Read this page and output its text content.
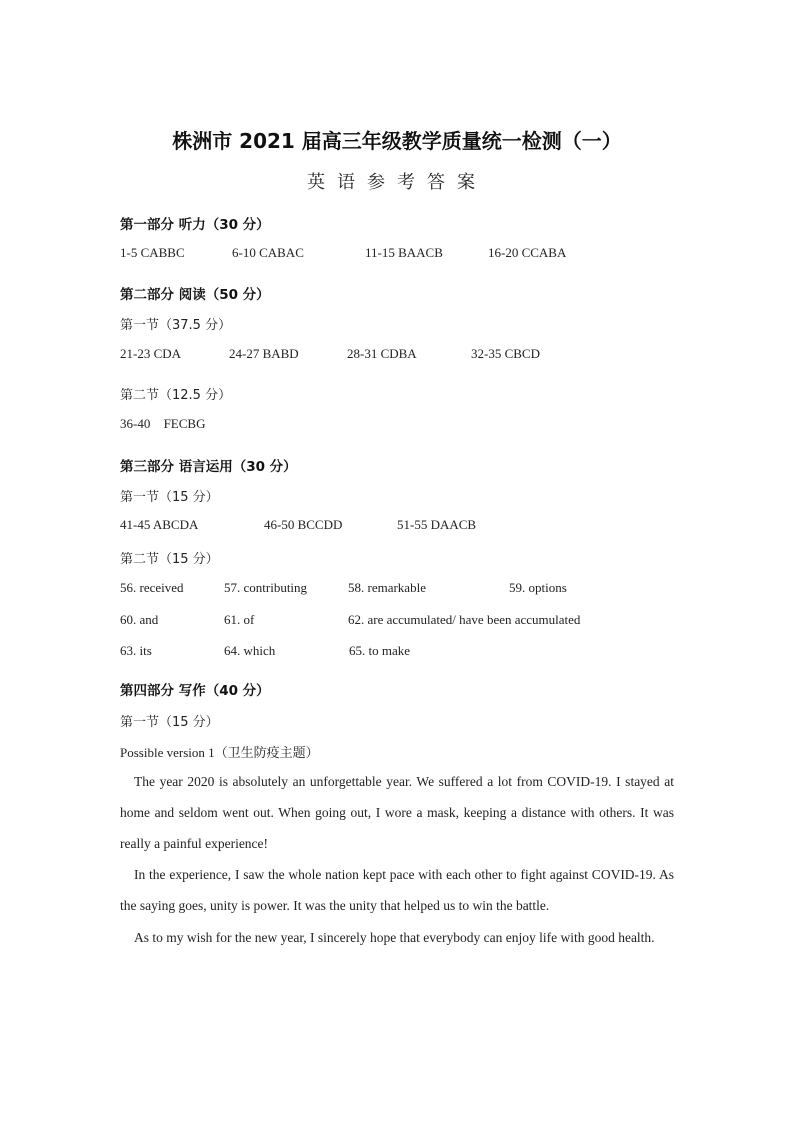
株洲市 2021 届高三年级教学质量统一检测（一）
英语参考答案
第一部分 听力（30 分）
1-5 CABBC	6-10 CABAC	11-15 BAACB	16-20 CCABA
第二部分 阅读（50 分）
第一节（37.5 分）
21-23 CDA	24-27 BABD	28-31 CDBA	32-35 CBCD
第二节（12.5 分）
36-40 FECBG
第三部分 语言运用（30 分）
第一节（15 分）
41-45 ABCDA	46-50 BCCDD	51-55 DAACB
第二节（15 分）
56. received	57. contributing	58. remarkable	59. options
60. and	61. of	62. are accumulated/ have been accumulated
63. its	64. which	65. to make
第四部分 写作（40 分）
第一节（15 分）
Possible version 1（卫生防疫主题）
The year 2020 is absolutely an unforgettable year. We suffered a lot from COVID-19. I stayed at home and seldom went out. When going out, I wore a mask, keeping a distance with others. It was really a painful experience!
In the experience, I saw the whole nation kept pace with each other to fight against COVID-19. As the saying goes, unity is power. It was the unity that helped us to win the battle.
As to my wish for the new year, I sincerely hope that everybody can enjoy life with good health.
